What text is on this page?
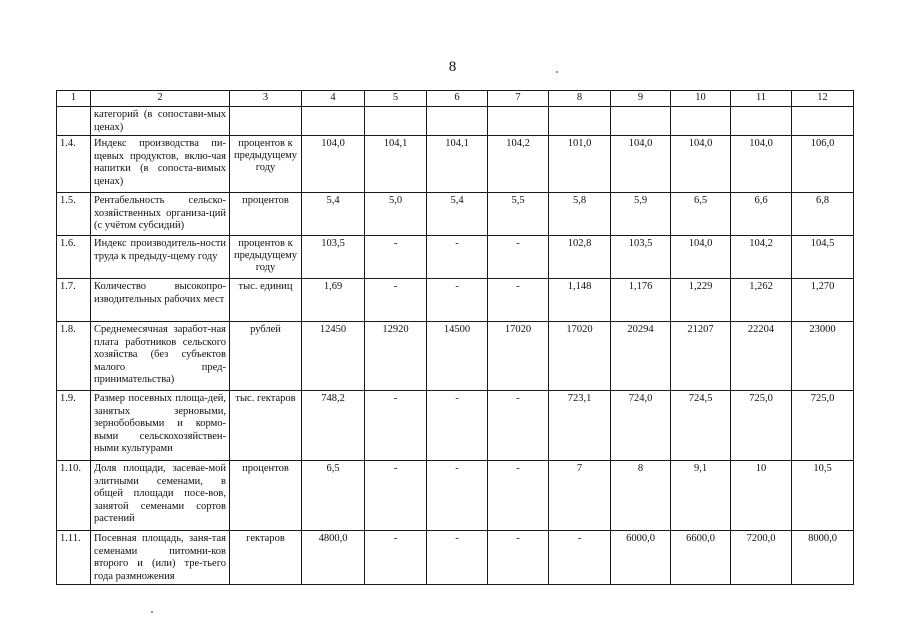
8
1	2	3	4	5	6	7	8	9	10	11	12
	категорий (в сопостави-мых ценах)										
1.4.	Индекс производства пи-щевых продуктов, вклю-чая напитки (в сопоста-вимых ценах)	процентов к предыдущему году	104,0	104,1	104,1	104,2	101,0	104,0	104,0	104,0	106,0
1.5.	Рентабельность сельско-хозяйственных организа-ций (с учётом субсидий)	процентов	5,4	5,0	5,4	5,5	5,8	5,9	6,5	6,6	6,8
1.6.	Индекс производитель-ности труда к предыду-щему году	процентов к предыдущему году	103,5	-	-	-	102,8	103,5	104,0	104,2	104,5
1.7.	Количество высокопро-изводительных рабочих мест	тыс. единиц	1,69	-	-	-	1,148	1,176	1,229	1,262	1,270
1.8.	Среднемесячная заработ-ная плата работников сельского хозяйства (без субъектов малого пред-принимательства)	рублей	12450	12920	14500	17020	17020	20294	21207	22204	23000
1.9.	Размер посевных площа-дей, занятых зерновыми, зернобобовыми и кормо-выми сельскохозяйствен-ными культурами	тыс. гектаров	748,2	-	-	-	723,1	724,0	724,5	725,0	725,0
1.10.	Доля площади, засевае-мой элитными семенами, в общей площади посе-вов, занятой семенами сортов растений	процентов	6,5	-	-	-	7	8	9,1	10	10,5
1.11.	Посевная площадь, заня-тая семенами питомни-ков второго и (или) тре-тьего года размножения	гектаров	4800,0	-	-	-	-	6000,0	6600,0	7200,0	8000,0
